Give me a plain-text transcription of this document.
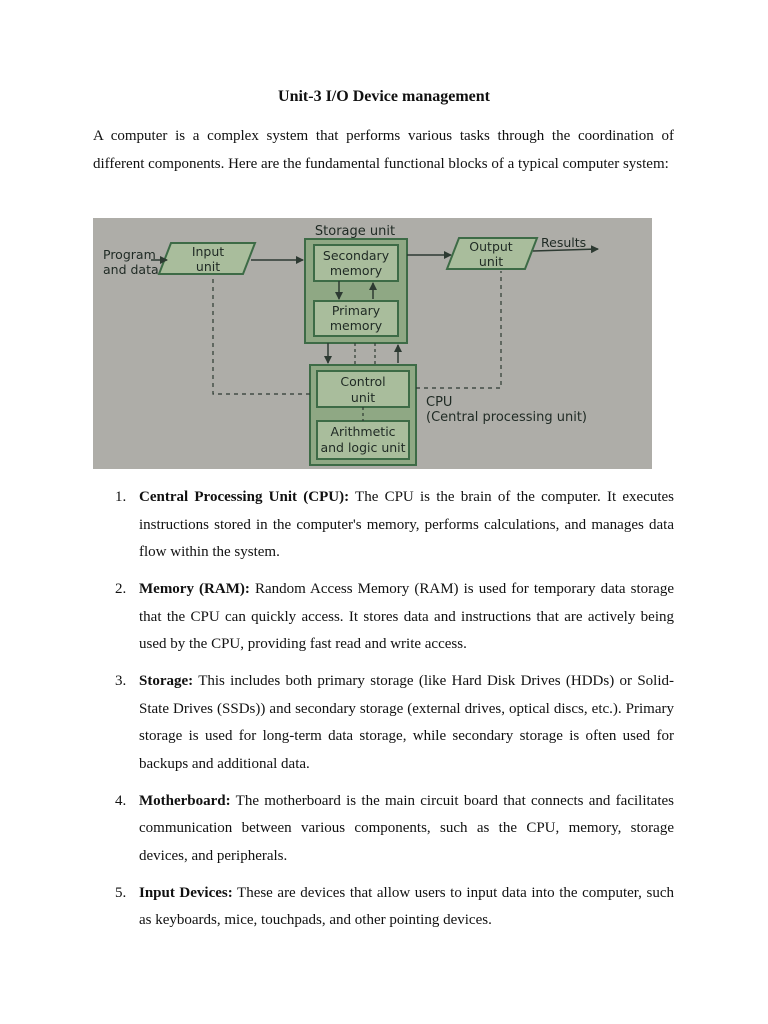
Unit-3 I/O Device management

A computer is a complex system that performs various tasks through the coordination of different components. Here are the fundamental functional blocks of a typical computer system:

Storage unit
Secondary
memory
Primary
memory
Input
unit
Program
and data
Output
unit
Results
Control
unit
Arithmetic
and logic unit
CPU
(Central processing unit)
1. Central Processing Unit (CPU): The CPU is the brain of the computer. It executes instructions stored in the computer's memory, performs calculations, and manages data flow within the system.
2. Memory (RAM): Random Access Memory (RAM) is used for temporary data storage that the CPU can quickly access. It stores data and instructions that are actively being used by the CPU, providing fast read and write access.
3. Storage: This includes both primary storage (like Hard Disk Drives (HDDs) or Solid-State Drives (SSDs)) and secondary storage (external drives, optical discs, etc.). Primary storage is used for long-term data storage, while secondary storage is often used for backups and additional data.
4. Motherboard: The motherboard is the main circuit board that connects and facilitates communication between various components, such as the CPU, memory, storage devices, and peripherals.
5. Input Devices: These are devices that allow users to input data into the computer, such as keyboards, mice, touchpads, and other pointing devices.
